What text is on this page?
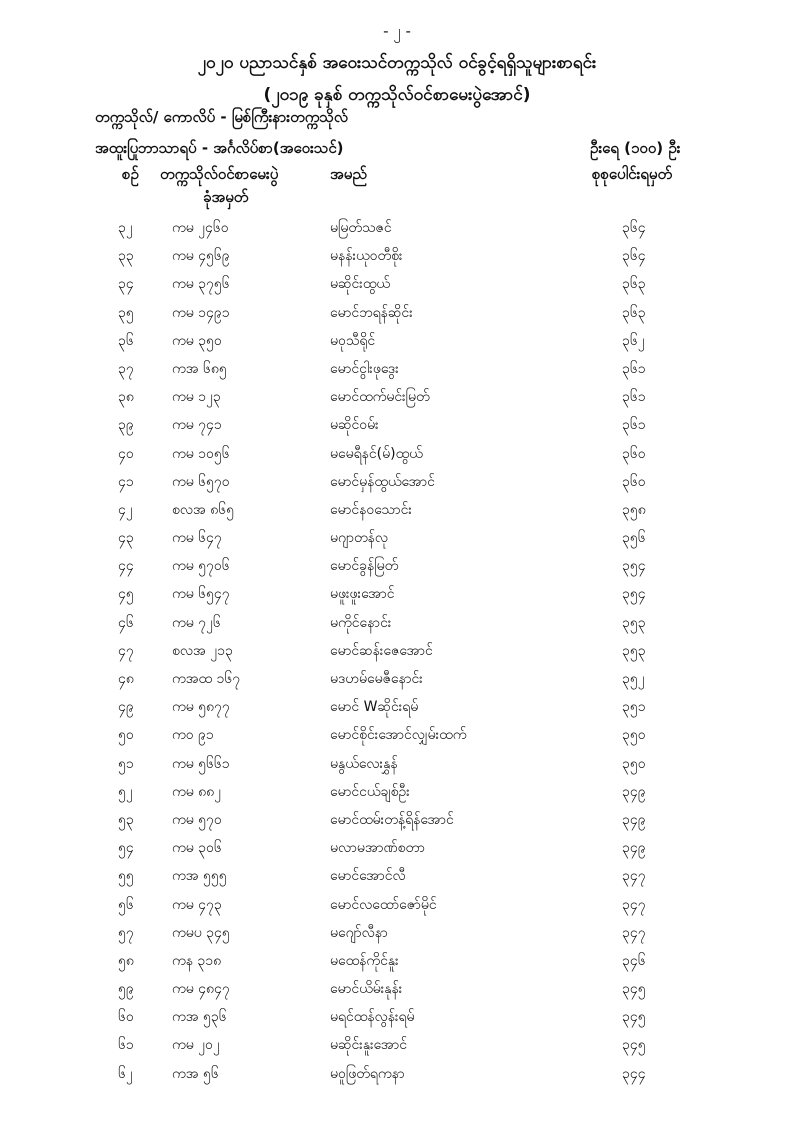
- ၂ -
၂၀၂၀ ပညာသင်နှစ် အဝေးသင်တက္ကသိုလ် ဝင်ခွင့်ရရှိသူများစာရင်း
(၂၀၁၉ ခုနှစ် တက္ကသိုလ်ဝင်စာမေးပွဲအောင်)
တက္ကသိုလ်/ ကောလိပ် - မြစ်ကြီးနားတက္ကသိုလ်
အထူးပြုဘာသာရပ် - အင်္ဂလိပ်စာ(အဝေးသင်)	ဦးရေ (၁၀၀) ဦး
စဉ် တက္ကသိုလ်ဝင်စာမေးပွဲ
ခုံအမှတ်
အမည်	စုစုပေါင်းရမှတ်
၃၂	ကမ ၂၄၆၀	မမြတ်သဇင်	၃၆၄
၃၃	ကမ ၄၅၆၉	မနန်းယုဝတီစိုး	၃၆၄
၃၄	ကမ ၃၇၅၆	မဆိုင်းထွယ်	၃၆၃
၃၅	ကမ ၁၄၉၁	မောင်ဘရန်ဆိုင်း	၃၆၃
၃၆	ကမ ၃၅၀	မဝုသီရိုင်	၃၆၂
၃၇	ကအ ၆၈၅	မောင်ငွါးဖုဒွေး	၃၆၁
၃၈	ကမ ၁၂၃	မောင်ထက်မင်းမြတ်	၃၆၁
၃၉	ကမ ၇၄၁	မဆိုင်ဝမ်း	၃၆၁
၄၀	ကမ ၁၀၅၆	မမေရီနင်(မ်)ထွယ်	၃၆၀
၄၁	ကမ ၆၅၇၀	မောင်မှန်ထွယ်အောင်	၃၆၀
၄၂	စလအ ၈၆၅	မောင်နဝသောင်း	၃၅၈
၄၃	ကမ ၆၄၇	မဂျာတန်လု	၃၅၆
၄၄	ကမ ၅၇၀၆	မောင်ခွန်မြတ်	၃၅၄
၄၅	ကမ ၆၅၄၇	မဖူးဖူးအောင်	၃၅၄
၄၆	ကမ ၇၂၆	မကိုင်နောင်း	၃၅၃
၄၇	စလအ ၂၁၃	မောင်ဆန်းဇေအောင်	၃၅၃
၄၈	ကအထ ၁၆၇	မဒဟမ်မေဇီနောင်း	၃၅၂
၄၉	ကမ ၅၈၇၇	မောင် Wဆိုင်းရမ်	၃၅၁
၅၀	ကဝ ၉၁	မောင်စိုင်းအောင်လျှမ်းထက်	၃၅၀
၅၁	ကမ ၅၆၆၁	မနွယ်လေးနွှန်	၃၅၀
၅၂	ကမ ၈၈၂	မောင်ငယ်ချစ်ဦး	၃၄၉
၅၃	ကမ ၅၇၀	မောင်ထမ်းတန့်ရိန်အောင်	၃၄၉
၅၄	ကမ ၃၀၆	မလာမအာဏ်စတာ	၃၄၉
၅၅	ကအ ၅၅၅	မောင်အောင်လီ	၃၄၇
၅၆	ကမ ၄၇၃	မောင်လထော်ဇော်မိုင်	၃၄၇
၅၇	ကမပ ၃၄၅	မဂျော်လီနာ	၃၄၇
၅၈	ကန ၃၁၈	မထေန်ကိုင်နူး	၃၄၆
၅၉	ကမ ၄၈၄၇	မောင်ယိမ်းနုန်း	၃၄၅
၆၀	ကအ ၅၃၆	မရင်ထန်လွန်းရမ်	၃၄၅
၆၁	ကမ ၂၀၂	မဆိုင်းနူးအောင်	၃၄၅
၆၂	ကအ ၅၆	မဝူဖြတ်ရကနာ	၃၄၄
